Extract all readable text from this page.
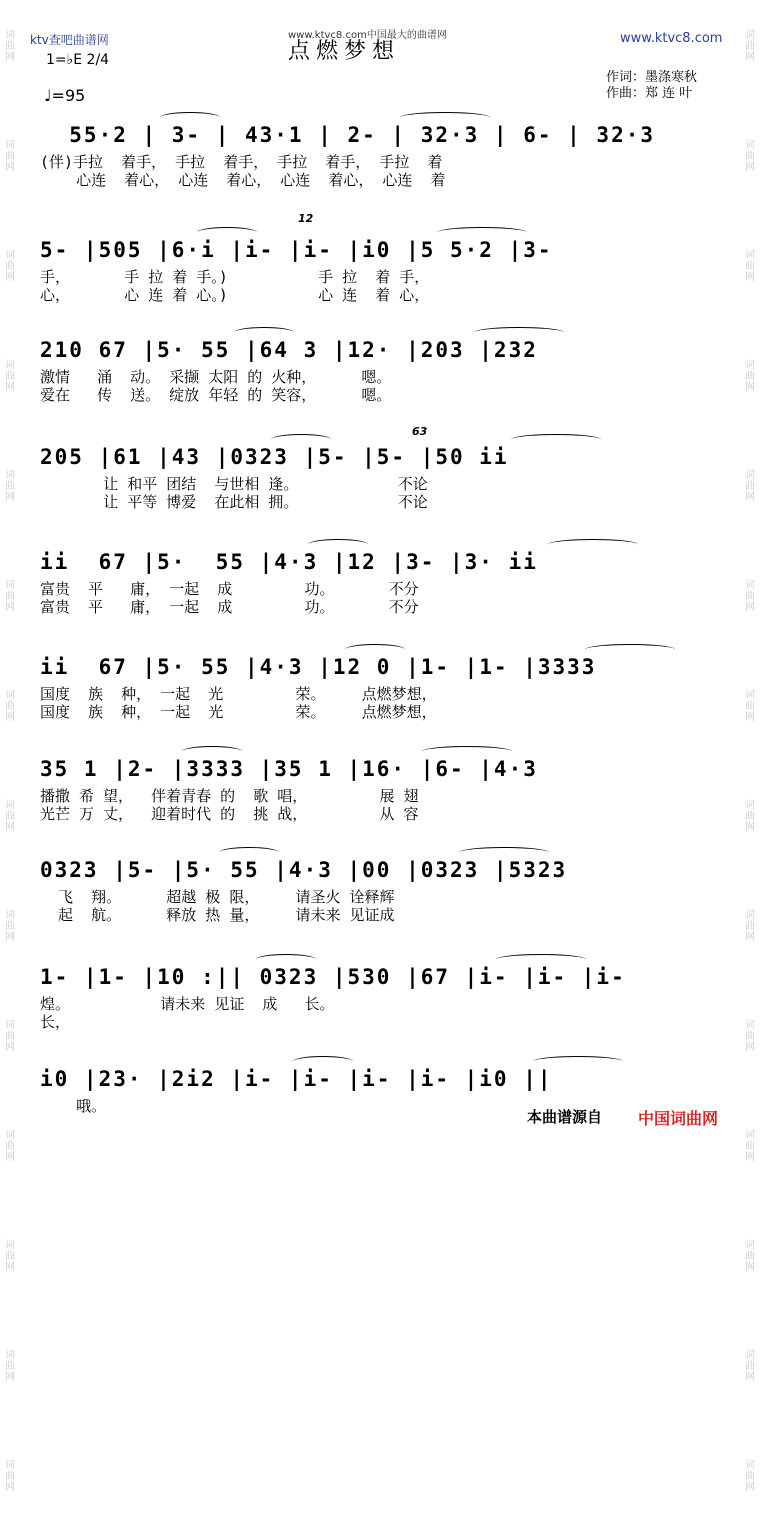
词
曲
网
词
曲
网
词
曲
网
词
曲
网
词
曲
网
词
曲
网
词
曲
网
词
曲
网
词
曲
网
词
曲
网
词
曲
网
词
曲
网
词
曲
网
词
曲
网
词
曲
网
词
曲
网
词
曲
网
词
曲
网
词
曲
网
词
曲
网
词
曲
网
词
曲
网
词
曲
网
词
曲
网
词
曲
网
词
曲
网
词
曲
网
词
曲
网
ktv查吧曲谱网	www.ktvc8.com中国最大的曲谱网	www.ktvc8.com
点燃梦想
1=♭E 2/4
♩=95
作词：墨涤寒秋
作曲：郑 连 叶
55·2 | 3- | 43·1 | 2- | 32·3 | 6- | 32·3
(伴)手拉  着手， 手拉  着手， 手拉  着手， 手拉  着
心连  着心， 心连  着心， 心连  着心， 心连  着
5- |505 |6·i |i- |i- |i0 |5 5·2 |3-
手，      手 拉 着 手。)          手 拉  着 手，
心，      心 连 着 心。)          心 连  着 心，
210 67 |5· 55 |64 3 |12· |203 |232
激情   涌  动。 采撷 太阳 的 火种，     嗯。
爱在   传  送。 绽放 年轻 的 笑容，     嗯。
205 |61 |43 |0323 |5- |5- |50 ii
让 和平 团结  与世相 逢。           不论
让 平等 博爱  在此相 拥。           不论
ii  67 |5·  55 |4·3 |12 |3- |3· ii
富贵  平   庸， 一起  成        功。      不分
富贵  平   庸， 一起  成        功。      不分
ii  67 |5· 55 |4·3 |12 0 |1- |1- |3333
国度  族  种， 一起  光        荣。    点燃梦想，
国度  族  种， 一起  光        荣。    点燃梦想，
35 1 |2- |3333 |35 1 |16· |6- |4·3
播撒 希 望，  伴着青春 的  歌 唱，        展 翅
光芒 万 丈，  迎着时代 的  挑 战，        从 容
0323 |5- |5· 55 |4·3 |00 |0323 |5323
飞  翔。     超越 极 限，    请圣火 诠释辉
起  航。     释放 热 量，    请未来 见证成
1- |1- |10 :|| 0323 |530 |67 |i- |i- |i-
煌。          请未来 见证  成   长。
长，
i0 |23· |2i2 |i- |i- |i- |i- |i0 ||
哦。
12
63
本曲谱源自 中国词曲网
